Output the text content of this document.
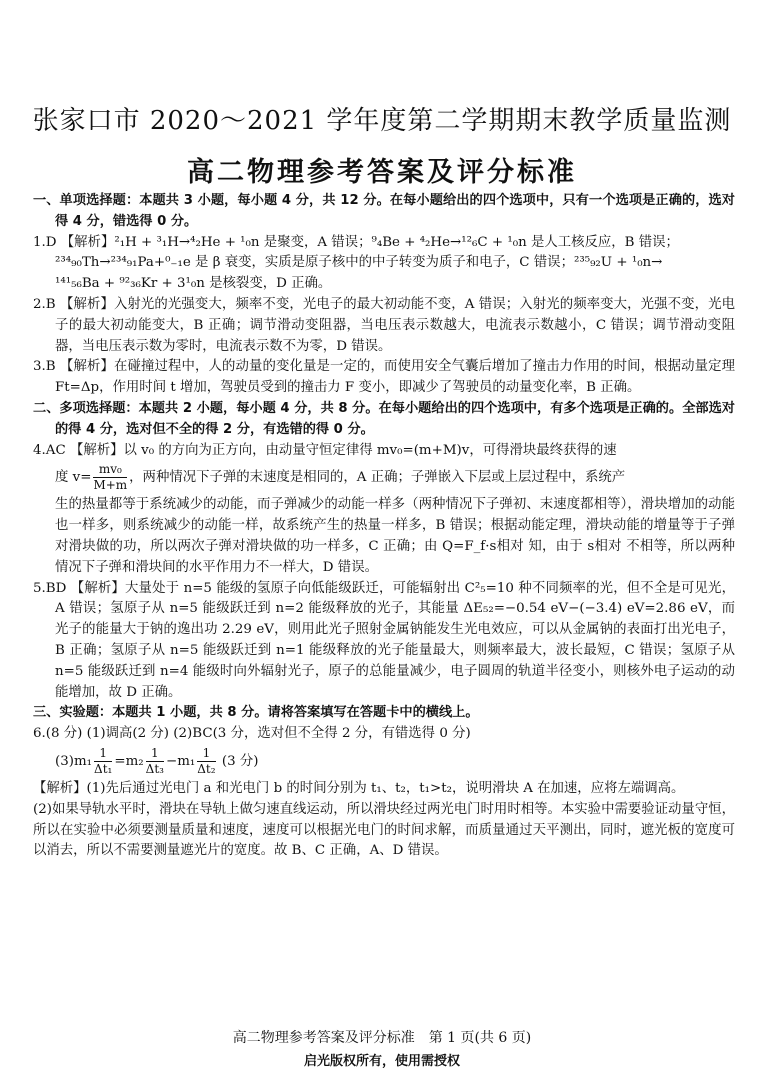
张家口市 2020～2021 学年度第二学期期末教学质量监测
高二物理参考答案及评分标准

一、单项选择题：本题共 3 小题，每小题 4 分，共 12 分。在每小题给出的四个选项中，只有一个选项是正确的，选对得 4 分，错选得 0 分。

1.D 【解析】²₁H + ³₁H→⁴₂He + ¹₀n 是聚变，A 错误；⁹₄Be + ⁴₂He→¹²₆C + ¹₀n 是人工核反应，B 错误；

²³⁴₉₀Th→²³⁴₉₁Pa+⁰₋₁e 是 β 衰变，实质是原子核中的中子转变为质子和电子，C 错误；²³⁵₉₂U + ¹₀n→

¹⁴¹₅₆Ba + ⁹²₃₆Kr + 3¹₀n 是核裂变，D 正确。

2.B 【解析】入射光的光强变大，频率不变，光电子的最大初动能不变，A 错误；入射光的频率变大，光强不变，光电子的最大初动能变大，B 正确；调节滑动变阻器，当电压表示数越大，电流表示数越小，C 错误；调节滑动变阻器，当电压表示数为零时，电流表示数不为零，D 错误。

3.B 【解析】在碰撞过程中，人的动量的变化量是一定的，而使用安全气囊后增加了撞击力作用的时间，根据动量定理 Ft=Δp，作用时间 t 增加，驾驶员受到的撞击力 F 变小，即减少了驾驶员的动量变化率，B 正确。

二、多项选择题：本题共 2 小题，每小题 4 分，共 8 分。在每小题给出的四个选项中，有多个选项是正确的。全部选对的得 4 分，选对但不全的得 2 分，有选错的得 0 分。

4.AC 【解析】以 v₀ 的方向为正方向，由动量守恒定律得 mv₀=(m+M)v，可得滑块最终获得的速

度 $v= \frac{\text{mv₀}}{M+m}$ ，两种情况下子弹的末速度是相同的，A 正确；子弹嵌入下层或上层过程中，系统产

生的热量都等于系统减少的动能，而子弹减少的动能一样多（两种情况下子弹初、末速度都相等），滑块增加的动能也一样多，则系统减少的动能一样，故系统产生的热量一样多，B 错误；根据动能定理，滑块动能的增量等于子弹对滑块做的功，所以两次子弹对滑块做的功一样多，C 正确；由 Q=F_f·s相对 知，由于 s相对 不相等，所以两种情况下子弹和滑块间的水平作用力不一样大，D 错误。

5.BD 【解析】大量处于 n=5 能级的氢原子向低能级跃迁，可能辐射出 C²₅=10 种不同频率的光，但不全是可见光，A 错误；氢原子从 n=5 能级跃迁到 n=2 能级释放的光子，其能量 ΔE₅₂=−0.54 eV−(−3.4) eV=2.86 eV，而光子的能量大于钠的逸出功 2.29 eV，则用此光子照射金属钠能发生光电效应，可以从金属钠的表面打出光电子，B 正确；氢原子从 n=5 能级跃迁到 n=1 能级释放的光子能量最大，则频率最大，波长最短，C 错误；氢原子从 n=5 能级跃迁到 n=4 能级时向外辐射光子，原子的总能量减少，电子圆周的轨道半径变小，则核外电子运动的动能增加，故 D 正确。

三、实验题：本题共 1 小题，共 8 分。请将答案填写在答题卡中的横线上。

6.(8 分) (1)调高(2 分) (2)BC(3 分，选对但不全得 2 分，有错选得 0 分)

$(3)m_1 \frac{1}{\text{Δt₁}} =m_2 \frac{1}{\text{Δt₃}} -m_1 \frac{1}{\text{Δt₂}} (3$ 分)

【解析】(1)先后通过光电门 a 和光电门 b 的时间分别为 t₁、t₂，t₁>t₂，说明滑块 A 在加速，应将左端调高。

(2)如果导轨水平时，滑块在导轨上做匀速直线运动，所以滑块经过两光电门时用时相等。本实验中需要验证动量守恒，所以在实验中必须要测量质量和速度，速度可以根据光电门的时间求解，而质量通过天平测出，同时，遮光板的宽度可以消去，所以不需要测量遮光片的宽度。故 B、C 正确，A、D 错误。

高二物理参考答案及评分标准　第 1 页(共 6 页)
启光版权所有，使用需授权
